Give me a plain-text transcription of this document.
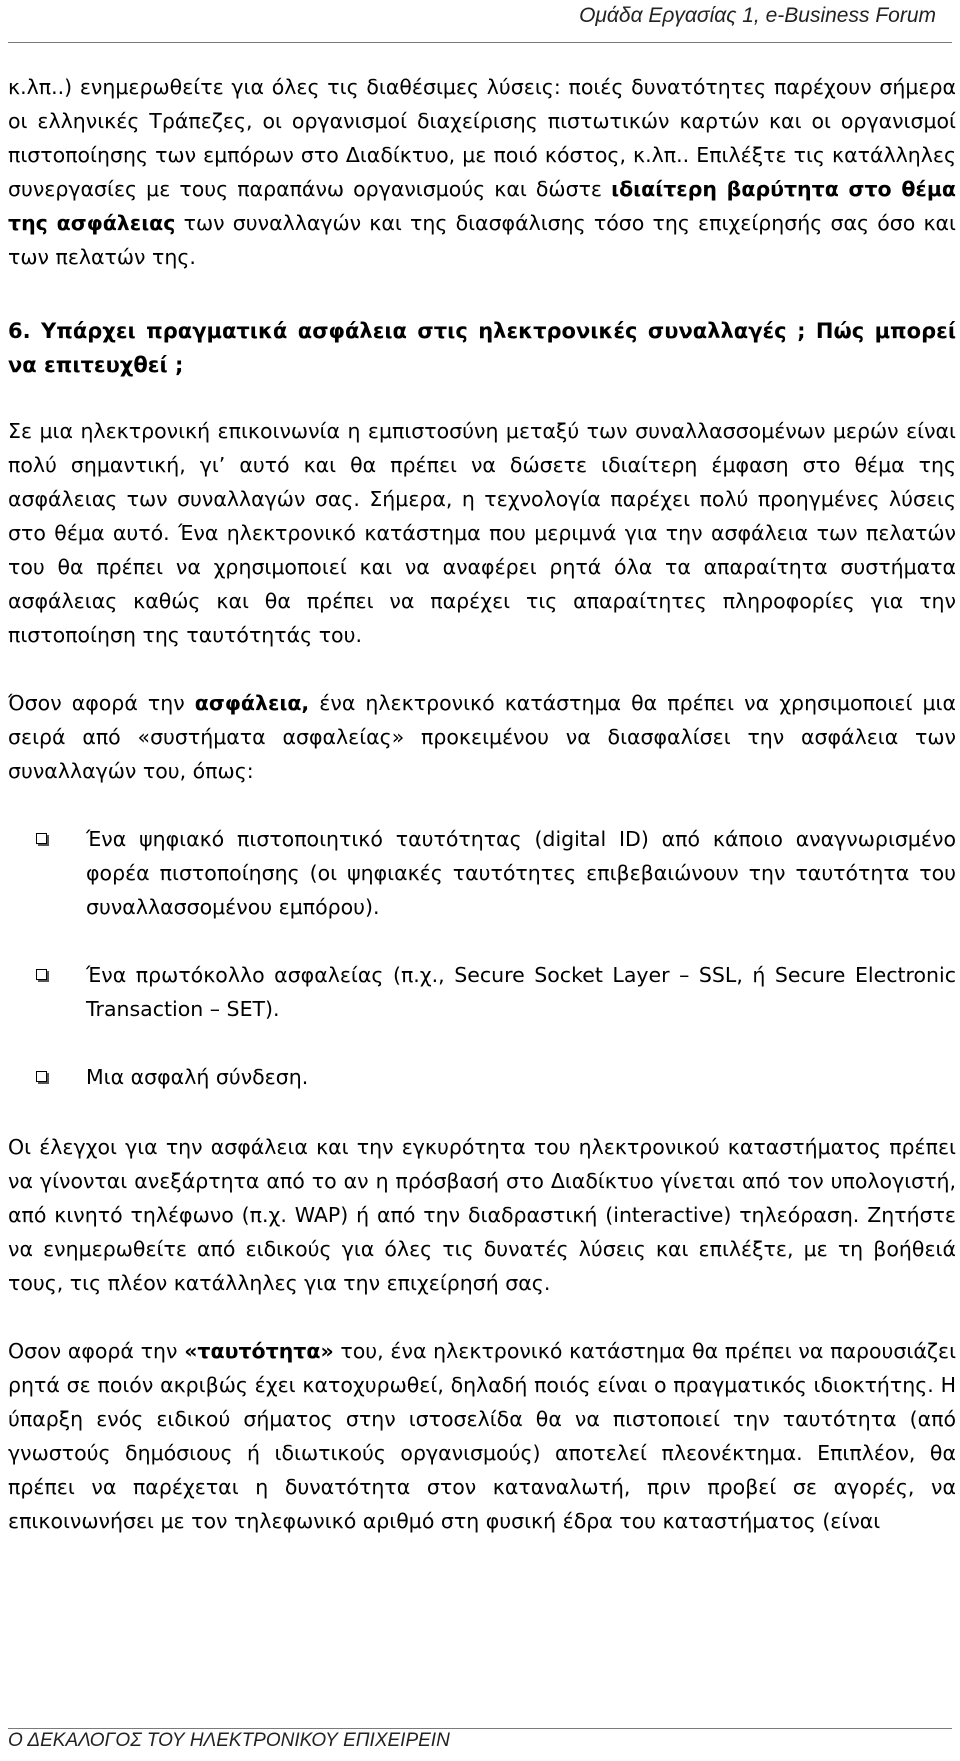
Ομάδα Εργασίας 1, e-Business Forum

κ.λπ..) ενημερωθείτε για όλες τις διαθέσιμες λύσεις: ποιές δυνατότητες παρέχουν σήμερα οι ελληνικές Τράπεζες, οι οργανισμοί διαχείρισης πιστωτικών καρτών και οι οργανισμοί πιστοποίησης των εμπόρων στο Διαδίκτυο, με ποιό κόστος, κ.λπ.. Επιλέξτε τις κατάλληλες συνεργασίες με τους παραπάνω οργανισμούς και δώστε ιδιαίτερη βαρύτητα στο θέμα της ασφάλειας των συναλλαγών και της διασφάλισης τόσο της επιχείρησής σας όσο και των πελατών της.

6. Υπάρχει πραγματικά ασφάλεια στις ηλεκτρονικές συναλλαγές ; Πώς μπορεί να επιτευχθεί ;

Σε μια ηλεκτρονική επικοινωνία η εμπιστοσύνη μεταξύ των συναλλασσομένων μερών είναι πολύ σημαντική, γι’ αυτό και θα πρέπει να δώσετε ιδιαίτερη έμφαση στο θέμα της ασφάλειας των συναλλαγών σας. Σήμερα, η τεχνολογία παρέχει πολύ προηγμένες λύσεις στο θέμα αυτό. Ένα ηλεκτρονικό κατάστημα που μεριμνά για την ασφάλεια των πελατών του θα πρέπει να χρησιμοποιεί και να αναφέρει ρητά όλα τα απαραίτητα συστήματα ασφάλειας καθώς και θα πρέπει να παρέχει τις απαραίτητες πληροφορίες για την πιστοποίηση της ταυτότητάς του.

Όσον αφορά την ασφάλεια, ένα ηλεκτρονικό κατάστημα θα πρέπει να χρησιμοποιεί μια σειρά από «συστήματα ασφαλείας» προκειμένου να διασφαλίσει την ασφάλεια των συναλλαγών του, όπως:

Ένα ψηφιακό πιστοποιητικό ταυτότητας (digital ID) από κάποιο αναγνωρισμένο φορέα πιστοποίησης (οι ψηφιακές ταυτότητες επιβεβαιώνουν την ταυτότητα του συναλλασσομένου εμπόρου).
Ένα πρωτόκολλο ασφαλείας (π.χ., Secure Socket Layer – SSL, ή Secure Electronic Transaction – SET).
Μια ασφαλή σύνδεση.

Οι έλεγχοι για την ασφάλεια και την εγκυρότητα του ηλεκτρονικού καταστήματος πρέπει να γίνονται ανεξάρτητα από το αν η πρόσβασή στο Διαδίκτυο γίνεται από τον υπολογιστή, από κινητό τηλέφωνο (π.χ. WAP) ή από την διαδραστική (interactive) τηλεόραση. Ζητήστε να ενημερωθείτε από ειδικούς για όλες τις δυνατές λύσεις και επιλέξτε, με τη βοήθειά τους, τις πλέον κατάλληλες για την επιχείρησή σας.

Οσον αφορά την «ταυτότητα» του, ένα ηλεκτρονικό κατάστημα θα πρέπει να παρουσιάζει ρητά σε ποιόν ακριβώς έχει κατοχυρωθεί, δηλαδή ποιός είναι ο πραγματικός ιδιοκτήτης. Η ύπαρξη ενός ειδικού σήματος στην ιστοσελίδα θα να πιστοποιεί την ταυτότητα (από γνωστούς δημόσιους ή ιδιωτικούς οργανισμούς) αποτελεί πλεονέκτημα. Επιπλέον, θα πρέπει να παρέχεται η δυνατότητα στον καταναλωτή, πριν προβεί σε αγορές, να επικοινωνήσει με τον τηλεφωνικό αριθμό στη φυσική έδρα του καταστήματος (είναι

Ο ΔΕΚΑΛΟΓΟΣ ΤΟΥ ΗΛΕΚΤΡΟΝΙΚΟΥ ΕΠΙΧΕΙΡΕΙΝ
